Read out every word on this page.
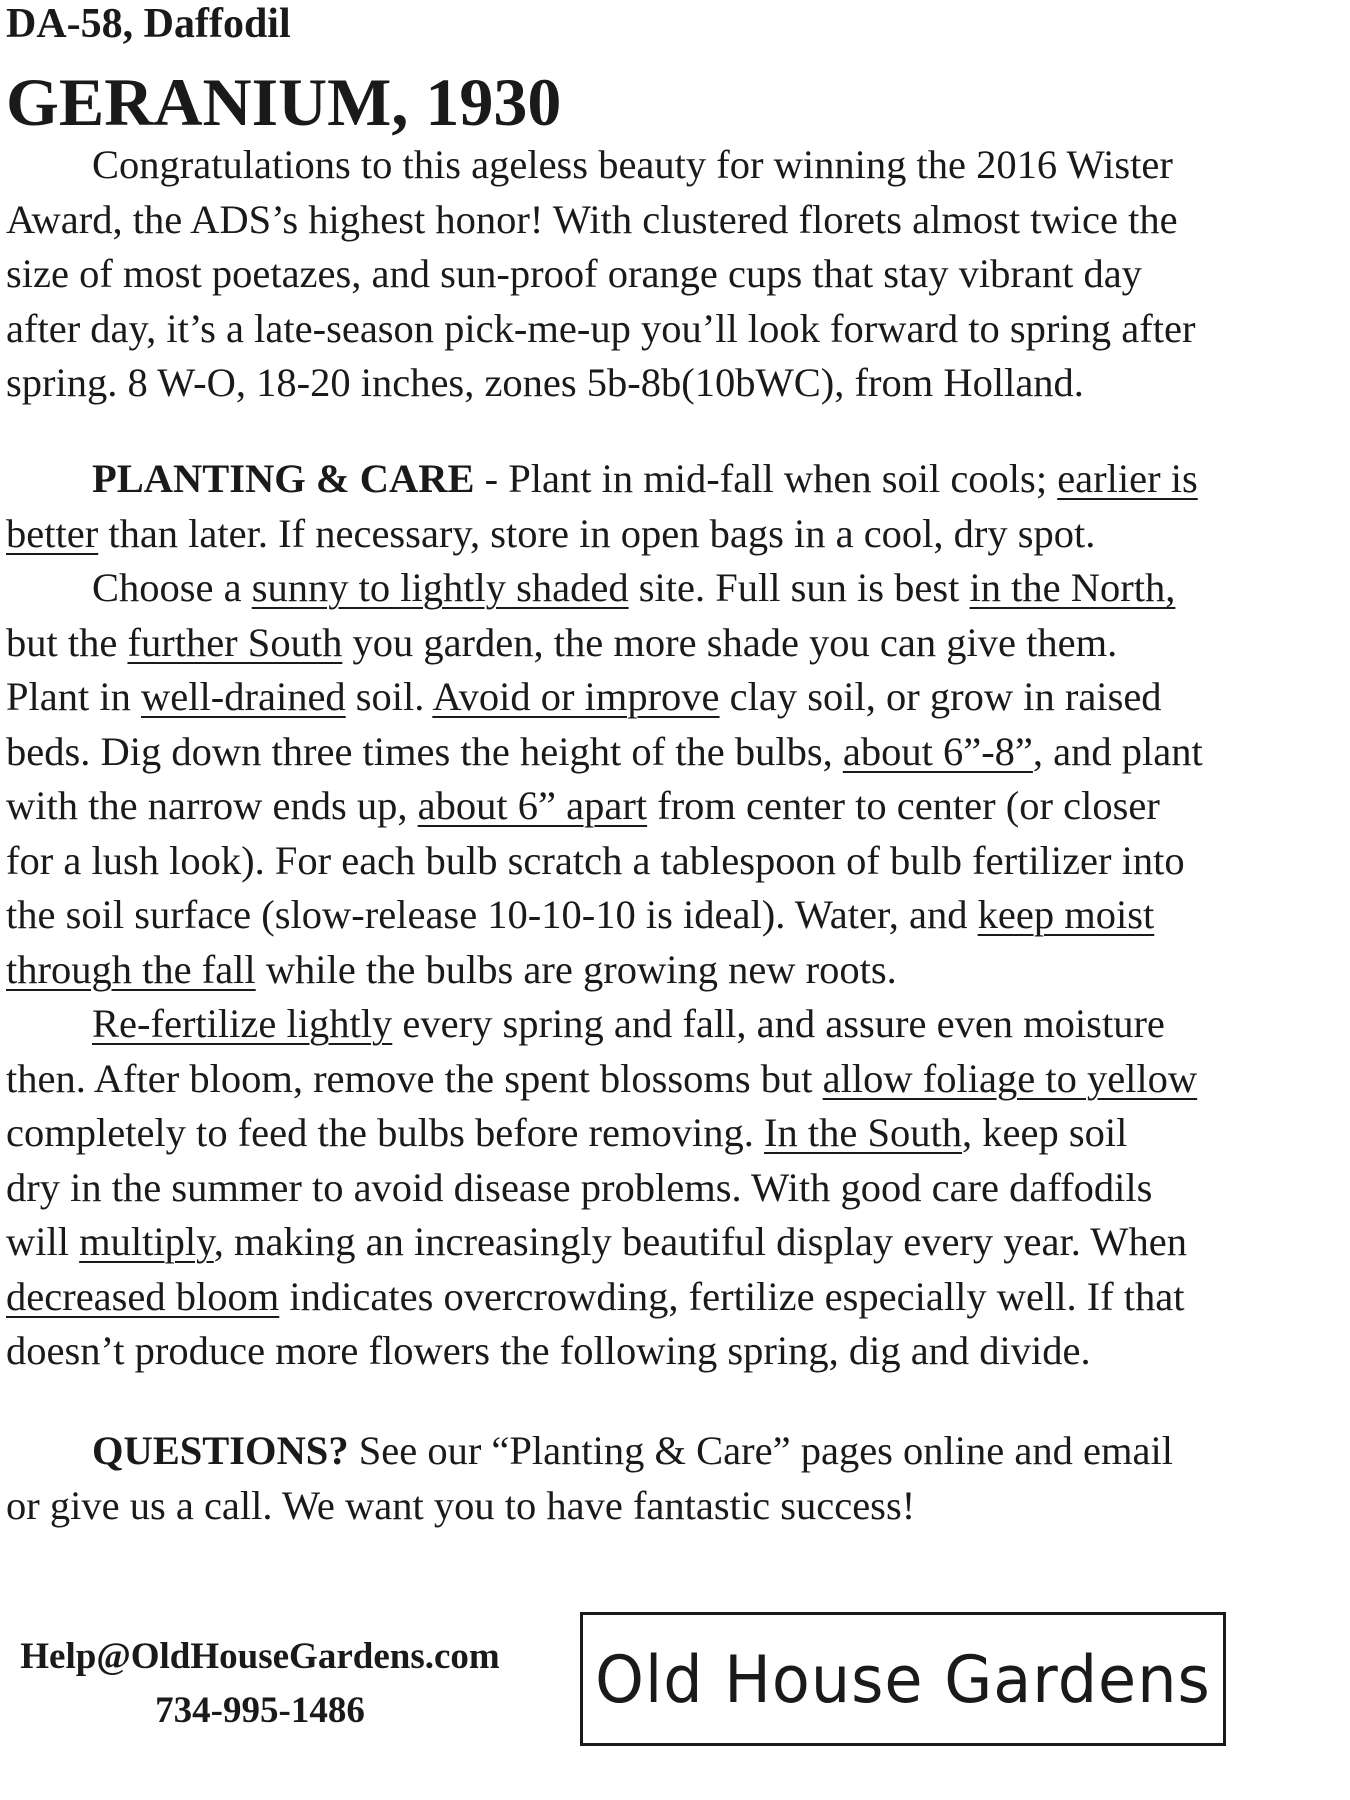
DA-58, Daffodil
GERANIUM, 1930
Congratulations to this ageless beauty for winning the 2016 Wister
Award, the ADS’s highest honor! With clustered florets almost twice the
size of most poetazes, and sun-proof orange cups that stay vibrant day
after day, it’s a late-season pick-me-up you’ll look forward to spring after
spring. 8 W-O, 18-20 inches, zones 5b-8b(10bWC), from Holland.
PLANTING & CARE - Plant in mid-fall when soil cools; earlier is
better than later. If necessary, store in open bags in a cool, dry spot.
Choose a sunny to lightly shaded site. Full sun is best in the North,
but the further South you garden, the more shade you can give them.
Plant in well-drained soil. Avoid or improve clay soil, or grow in raised
beds. Dig down three times the height of the bulbs, about 6”-8”, and plant
with the narrow ends up, about 6” apart from center to center (or closer
for a lush look). For each bulb scratch a tablespoon of bulb fertilizer into
the soil surface (slow-release 10-10-10 is ideal). Water, and keep moist
through the fall while the bulbs are growing new roots.
Re-fertilize lightly every spring and fall, and assure even moisture
then. After bloom, remove the spent blossoms but allow foliage to yellow
completely to feed the bulbs before removing. In the South, keep soil
dry in the summer to avoid disease problems. With good care daffodils
will multiply, making an increasingly beautiful display every year. When
decreased bloom indicates overcrowding, fertilize especially well. If that
doesn’t produce more flowers the following spring, dig and divide.
QUESTIONS? See our “Planting & Care” pages online and email
or give us a call. We want you to have fantastic success!
Help@OldHouseGardens.com
734-995-1486	Old House Gardens
